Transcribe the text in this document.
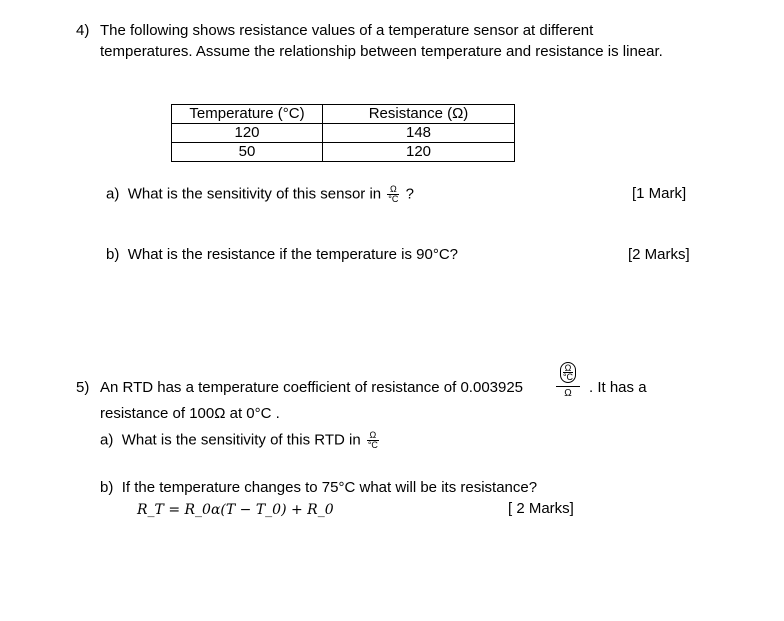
4) The following shows resistance values of a temperature sensor at different
temperatures. Assume the relationship between temperature and resistance is linear.
Temperature (°C)	Resistance (Ω)
120	148
50	120
a) What is the sensitivity of this sensor in $\frac{\Omega}{^\circ C}$ ?	[1 Mark]
b) What is the resistance if the temperature is 90°C?	[2 Marks]
5) An RTD has a temperature coefficient of resistance of 0.003925
$\frac{\Omega}{^\circ C}$
Ω	. It has a
resistance of 100Ω at 0°C .
a) What is the sensitivity of this RTD in $\frac{\Omega}{^\circ C}$
b) If the temperature changes to 75°C what will be its resistance?
R_T = R_0α(T − T_0) + R_0	[ 2 Marks]
